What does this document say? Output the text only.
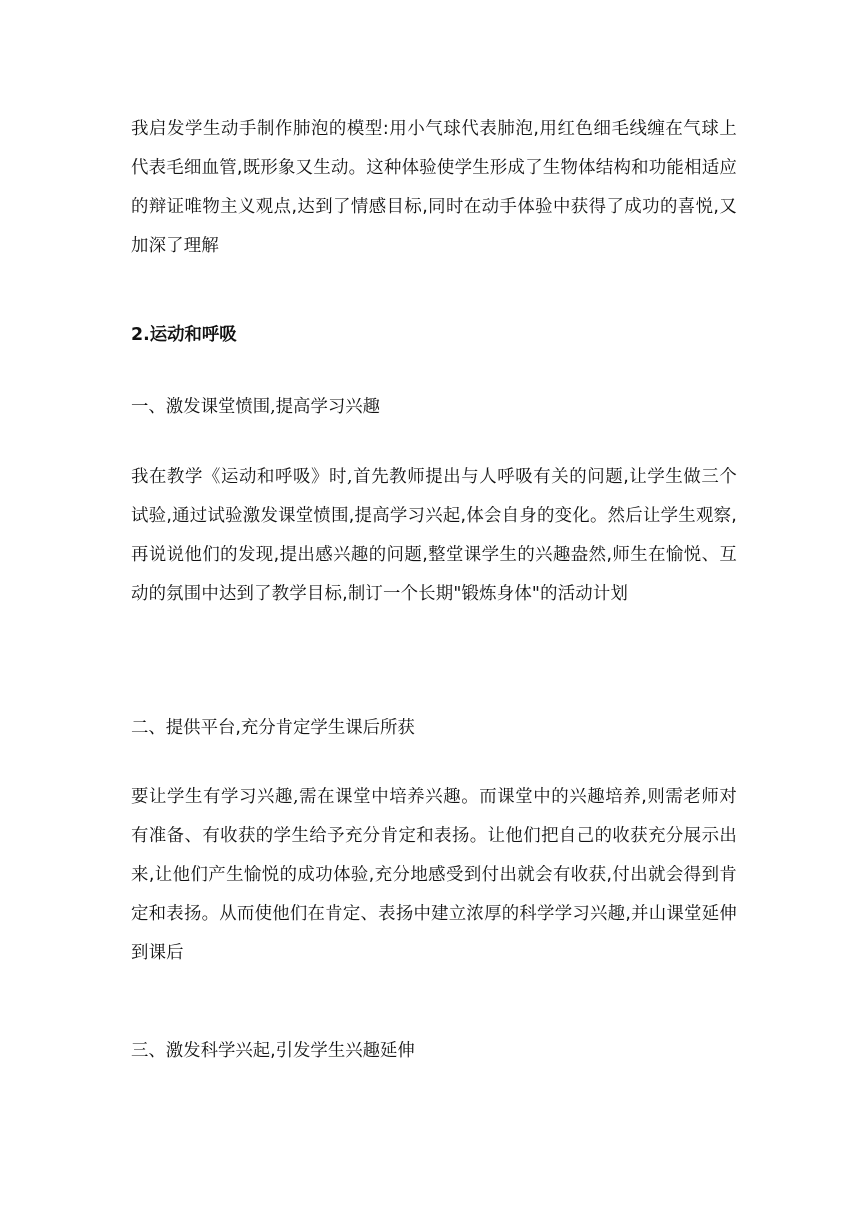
我启发学生动手制作肺泡的模型:用小气球代表肺泡,用红色细毛线缠在气球上代表毛细血管,既形象又生动。这种体验使学生形成了生物体结构和功能相适应的辩证唯物主义观点,达到了情感目标,同时在动手体验中获得了成功的喜悦,又加深了理解

2.运动和呼吸

一、激发课堂愤围,提高学习兴趣

我在教学《运动和呼吸》时,首先教师提出与人呼吸有关的问题,让学生做三个试验,通过试验激发课堂愤围,提高学习兴起,体会自身的变化。然后让学生观察,再说说他们的发现,提出感兴趣的问题,整堂课学生的兴趣盎然,师生在愉悦、互动的氛围中达到了教学目标,制订一个长期"锻炼身体"的活动计划

二、提供平台,充分肯定学生课后所获

要让学生有学习兴趣,需在课堂中培养兴趣。而课堂中的兴趣培养,则需老师对有准备、有收获的学生给予充分肯定和表扬。让他们把自己的收获充分展示出来,让他们产生愉悦的成功体验,充分地感受到付出就会有收获,付出就会得到肯定和表扬。从而使他们在肯定、表扬中建立浓厚的科学学习兴趣,并山课堂延伸到课后

三、激发科学兴起,引发学生兴趣延伸
